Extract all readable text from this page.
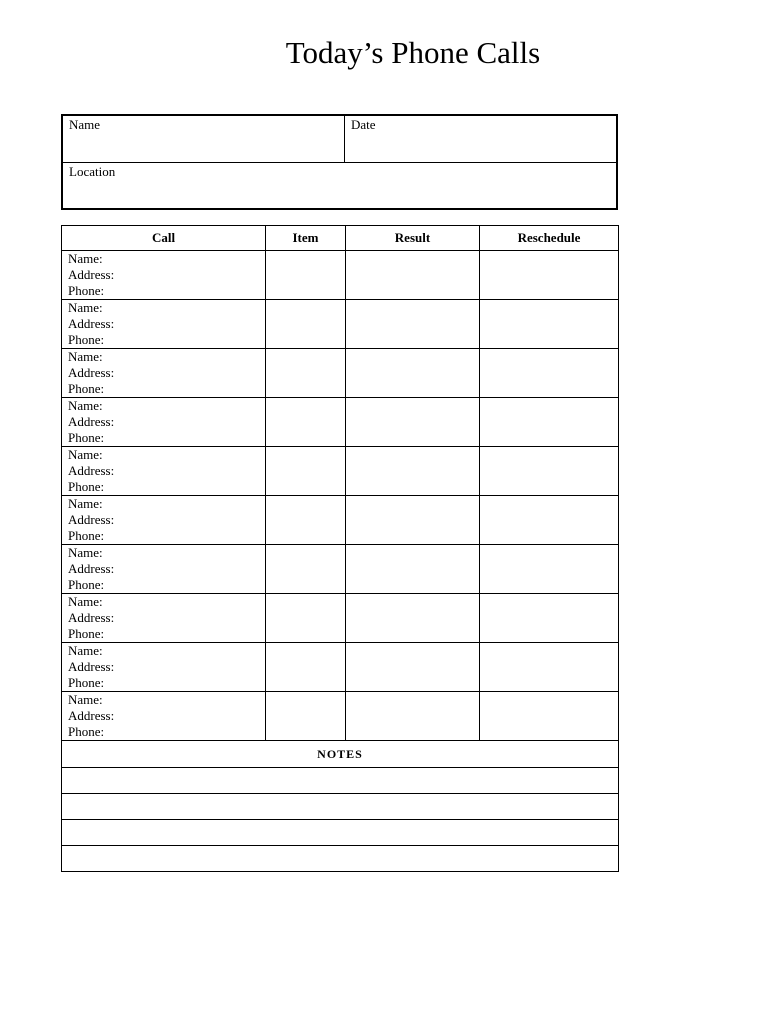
Today’s Phone Calls
Name	Date
Location
Call	Item	Result	Reschedule

Name:
Address:
Phone:			

Name:
Address:
Phone:			

Name:
Address:
Phone:			

Name:
Address:
Phone:			

Name:
Address:
Phone:			

Name:
Address:
Phone:			

Name:
Address:
Phone:			

Name:
Address:
Phone:			

Name:
Address:
Phone:			

Name:
Address:
Phone:			

NOTES			
